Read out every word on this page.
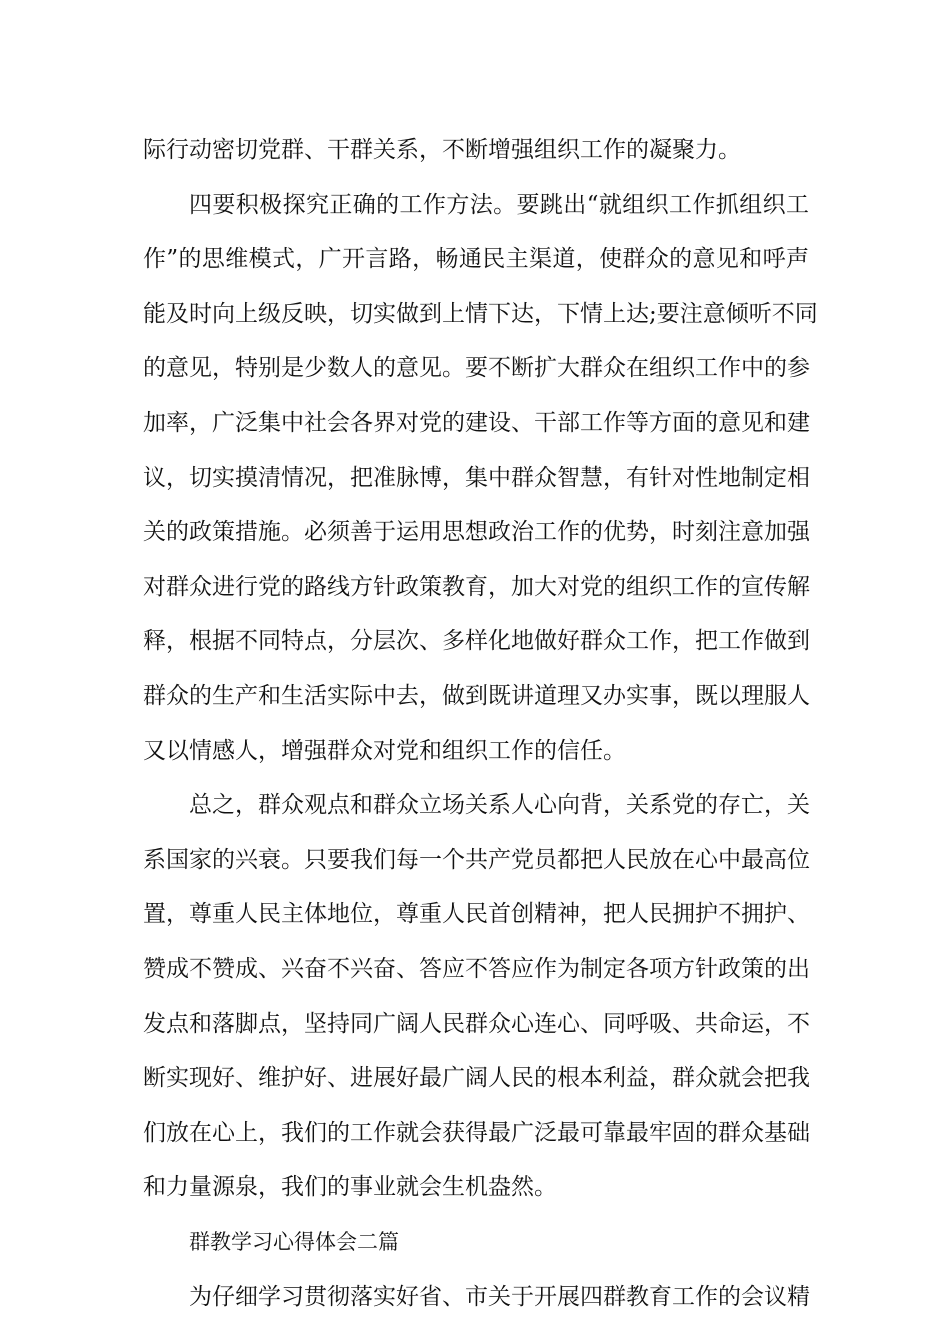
际行动密切党群、干群关系，不断增强组织工作的凝聚力。
四要积极探究正确的工作方法。要跳出“就组织工作抓组织工
作”的思维模式，广开言路，畅通民主渠道，使群众的意见和呼声
能及时向上级反映，切实做到上情下达，下情上达;要注意倾听不同
的意见，特别是少数人的意见。要不断扩大群众在组织工作中的参
加率，广泛集中社会各界对党的建设、干部工作等方面的意见和建
议，切实摸清情况，把准脉博，集中群众智慧，有针对性地制定相
关的政策措施。必须善于运用思想政治工作的优势，时刻注意加强
对群众进行党的路线方针政策教育，加大对党的组织工作的宣传解
释，根据不同特点，分层次、多样化地做好群众工作，把工作做到
群众的生产和生活实际中去，做到既讲道理又办实事，既以理服人
又以情感人，增强群众对党和组织工作的信任。
总之，群众观点和群众立场关系人心向背，关系党的存亡，关
系国家的兴衰。只要我们每一个共产党员都把人民放在心中最高位
置，尊重人民主体地位，尊重人民首创精神，把人民拥护不拥护、
赞成不赞成、兴奋不兴奋、答应不答应作为制定各项方针政策的出
发点和落脚点，坚持同广阔人民群众心连心、同呼吸、共命运，不
断实现好、维护好、进展好最广阔人民的根本利益，群众就会把我
们放在心上，我们的工作就会获得最广泛最可靠最牢固的群众基础
和力量源泉，我们的事业就会生机盎然。
群教学习心得体会二篇
为仔细学习贯彻落实好省、市关于开展四群教育工作的会议精
